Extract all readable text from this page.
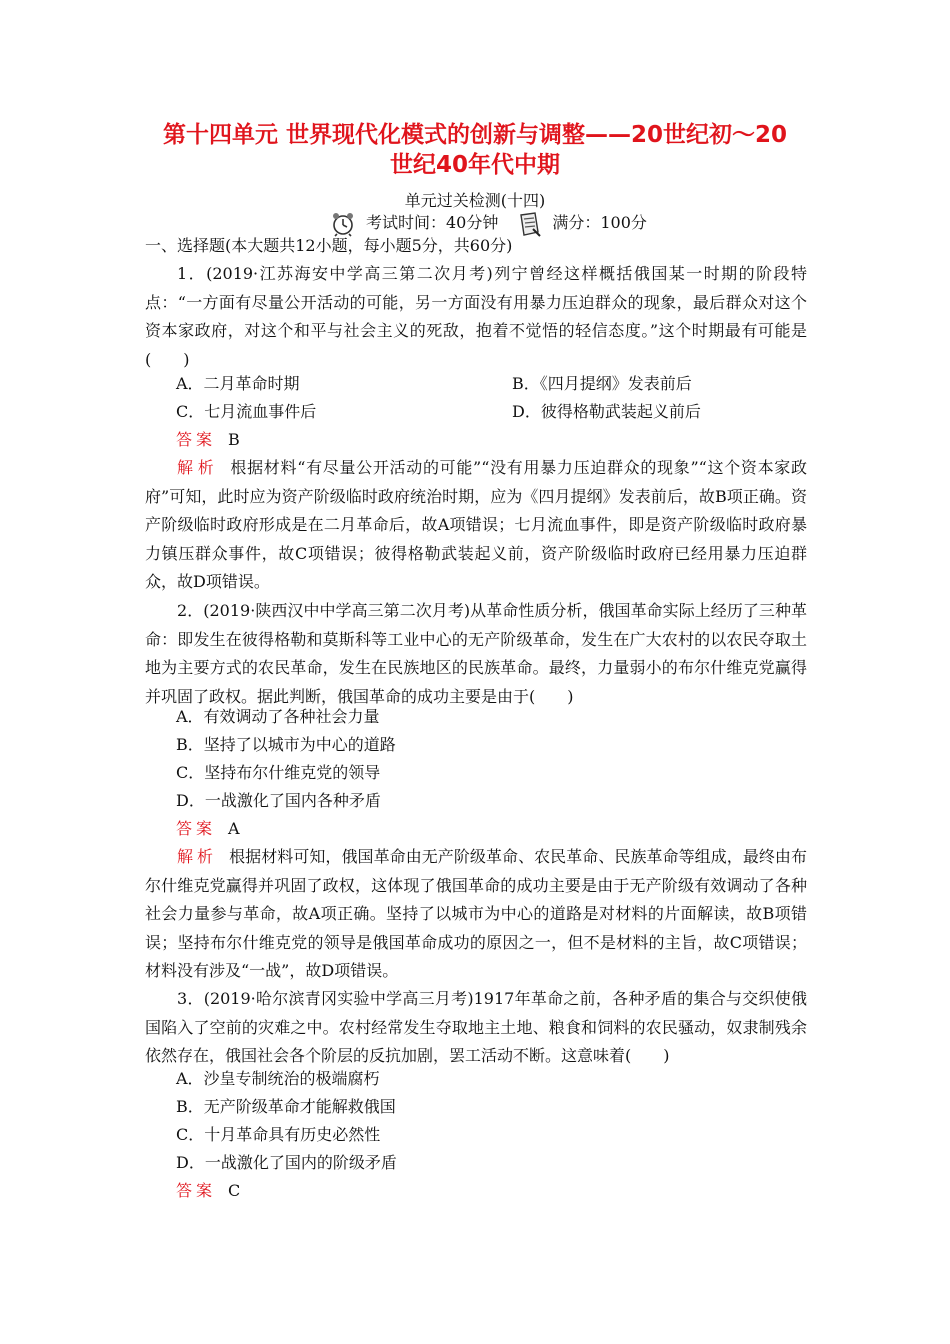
第十四单元 世界现代化模式的创新与调整——20世纪初～20
世纪40年代中期
单元过关检测(十四)
考试时间：40分钟	满分：100分
一、选择题(本大题共12小题，每小题5分，共60分)
1．(2019·江苏海安中学高三第二次月考)列宁曾经这样概括俄国某一时期的阶段特点：“一方面有尽量公开活动的可能，另一方面没有用暴力压迫群众的现象，最后群众对这个资本家政府，对这个和平与社会主义的死敌，抱着不觉悟的轻信态度。”这个时期最有可能是(　　)
A．二月革命时期	B．《四月提纲》发表前后
C．七月流血事件后	D．彼得格勒武装起义前后
答案 B
解析 根据材料“有尽量公开活动的可能”“没有用暴力压迫群众的现象”“这个资本家政府”可知，此时应为资产阶级临时政府统治时期，应为《四月提纲》发表前后，故B项正确。资产阶级临时政府形成是在二月革命后，故A项错误；七月流血事件，即是资产阶级临时政府暴力镇压群众事件，故C项错误；彼得格勒武装起义前，资产阶级临时政府已经用暴力压迫群众，故D项错误。
2．(2019·陕西汉中中学高三第二次月考)从革命性质分析，俄国革命实际上经历了三种革命：即发生在彼得格勒和莫斯科等工业中心的无产阶级革命，发生在广大农村的以农民夺取土地为主要方式的农民革命，发生在民族地区的民族革命。最终，力量弱小的布尔什维克党赢得并巩固了政权。据此判断，俄国革命的成功主要是由于(　　)
A．有效调动了各种社会力量
B．坚持了以城市为中心的道路
C．坚持布尔什维克党的领导
D．一战激化了国内各种矛盾
答案 A
解析 根据材料可知，俄国革命由无产阶级革命、农民革命、民族革命等组成，最终由布尔什维克党赢得并巩固了政权，这体现了俄国革命的成功主要是由于无产阶级有效调动了各种社会力量参与革命，故A项正确。坚持了以城市为中心的道路是对材料的片面解读，故B项错误；坚持布尔什维克党的领导是俄国革命成功的原因之一，但不是材料的主旨，故C项错误；材料没有涉及“一战”，故D项错误。
3．(2019·哈尔滨青冈实验中学高三月考)1917年革命之前，各种矛盾的集合与交织使俄国陷入了空前的灾难之中。农村经常发生夺取地主土地、粮食和饲料的农民骚动，奴隶制残余依然存在，俄国社会各个阶层的反抗加剧，罢工活动不断。这意味着(　　)
A．沙皇专制统治的极端腐朽
B．无产阶级革命才能解救俄国
C．十月革命具有历史必然性
D．一战激化了国内的阶级矛盾
答案 C
